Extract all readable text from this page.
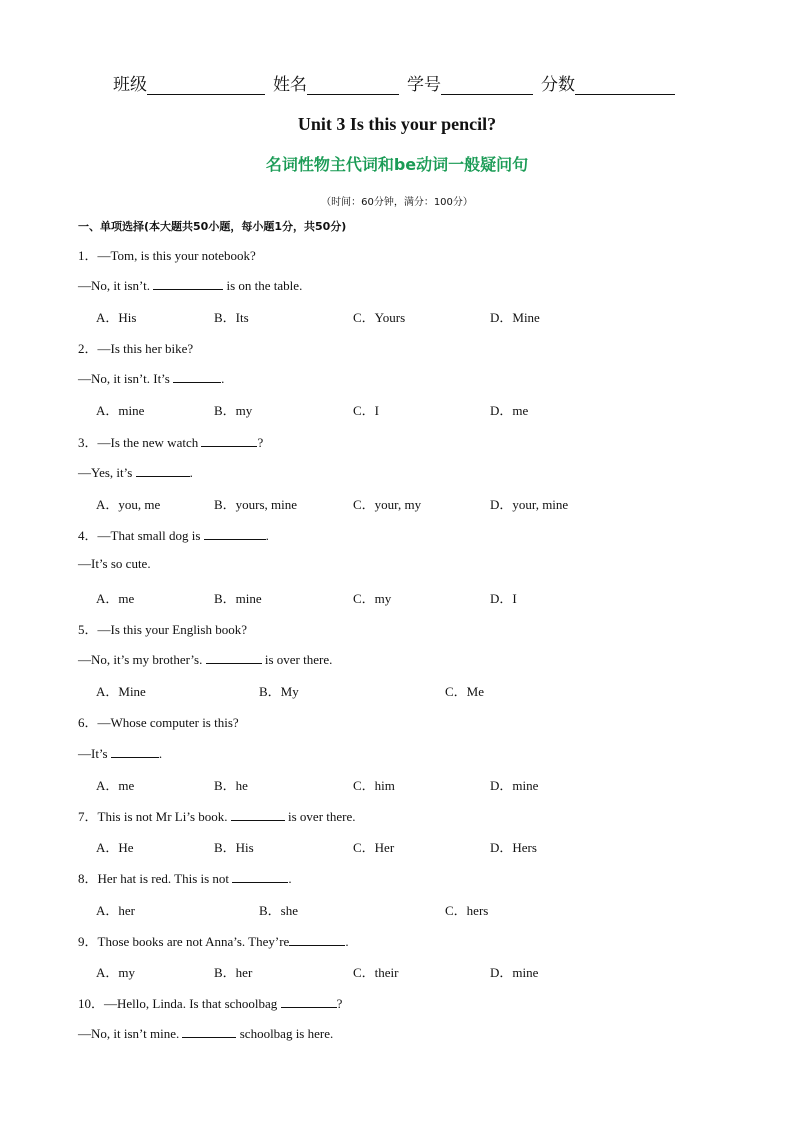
班级	姓名	学号	分数
Unit 3 Is this your pencil?
名词性物主代词和be动词一般疑问句
（时间：60分钟，满分：100分）
一、单项选择(本大题共50小题，每小题1分，共50分)
1．—Tom, is this your notebook?
—No, it isn’t.	is on the table.
A．His	B．Its	C．Yours	D．Mine
2．—Is this her bike?
—No, it isn’t. It’s	.
A．mine	B．my	C．I	D．me
3．—Is the new watch	?
—Yes, it’s	.
A．you, me	B．yours, mine	C．your, my	D．your, mine
4．—That small dog is	.
—It’s so cute.
A．me	B．mine	C．my	D．I
5．—Is this your English book?
—No, it’s my brother’s.	is over there.
A．Mine	B．My	C．Me
6．—Whose computer is this?
—It’s	.
A．me	B．he	C．him	D．mine
7．This is not Mr Li’s book.	is over there.
A．He	B．His	C．Her	D．Hers
8．Her hat is red. This is not	.
A．her	B．she	C．hers
9．Those books are not Anna’s. They’re	.
A．my	B．her	C．their	D．mine
10．—Hello, Linda. Is that schoolbag	?
—No, it isn’t mine.	schoolbag is here.
